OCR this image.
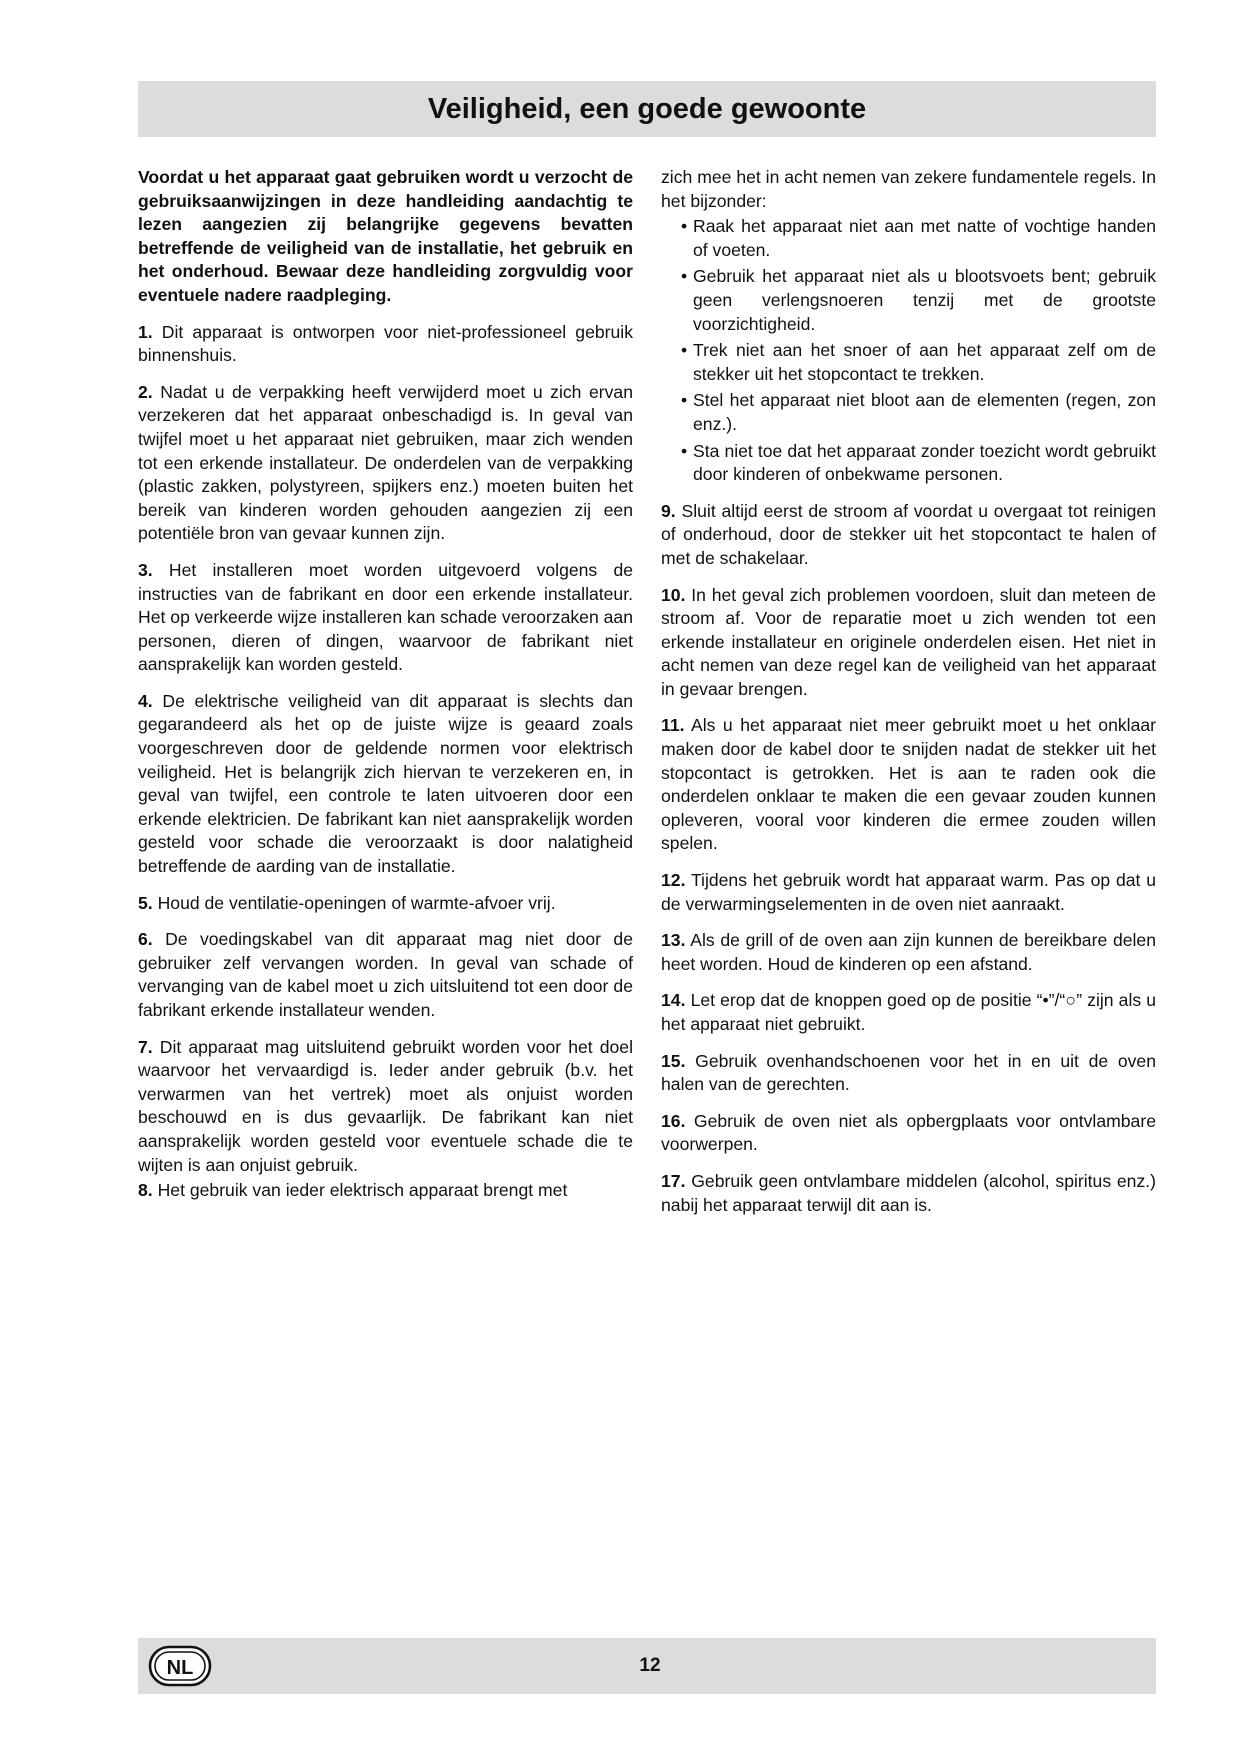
Veiligheid, een goede gewoonte

Voordat u het apparaat gaat gebruiken wordt u verzocht de gebruiksaanwijzingen in deze handleiding aandachtig te lezen aangezien zij belangrijke gegevens bevatten betreffende de veiligheid van de installatie, het gebruik en het onderhoud. Bewaar deze handleiding zorgvuldig voor eventuele nadere raadpleging.

1. Dit apparaat is ontworpen voor niet-professioneel gebruik binnenshuis.

2. Nadat u de verpakking heeft verwijderd moet u zich ervan verzekeren dat het apparaat onbeschadigd is. In geval van twijfel moet u het apparaat niet gebruiken, maar zich wenden tot een erkende installateur. De onderdelen van de verpakking (plastic zakken, polystyreen, spijkers enz.) moeten buiten het bereik van kinderen worden gehouden aangezien zij een potentiële bron van gevaar kunnen zijn.

3. Het installeren moet worden uitgevoerd volgens de instructies van de fabrikant en door een erkende installateur. Het op verkeerde wijze installeren kan schade veroorzaken aan personen, dieren of dingen, waarvoor de fabrikant niet aansprakelijk kan worden gesteld.

4. De elektrische veiligheid van dit apparaat is slechts dan gegarandeerd als het op de juiste wijze is geaard zoals voorgeschreven door de geldende normen voor elektrisch veiligheid. Het is belangrijk zich hiervan te verzekeren en, in geval van twijfel, een controle te laten uitvoeren door een erkende elektricien. De fabrikant kan niet aansprakelijk worden gesteld voor schade die veroorzaakt is door nalatigheid betreffende de aarding van de installatie.

5. Houd de ventilatie-openingen of warmte-afvoer vrij.

6. De voedingskabel van dit apparaat mag niet door de gebruiker zelf vervangen worden. In geval van schade of vervanging van de kabel moet u zich uitsluitend tot een door de fabrikant erkende installateur wenden.

7. Dit apparaat mag uitsluitend gebruikt worden voor het doel waarvoor het vervaardigd is. Ieder ander gebruik (b.v. het verwarmen van het vertrek) moet als onjuist worden beschouwd en is dus gevaarlijk. De fabrikant kan niet aansprakelijk worden gesteld voor eventuele schade die te wijten is aan onjuist gebruik.

8. Het gebruik van ieder elektrisch apparaat brengt met

zich mee het in acht nemen van zekere fundamentele regels. In het bijzonder:

• Raak het apparaat niet aan met natte of vochtige handen of voeten.
• Gebruik het apparaat niet als u blootsvoets bent; gebruik geen verlengsnoeren tenzij met de grootste voorzichtigheid.
• Trek niet aan het snoer of aan het apparaat zelf om de stekker uit het stopcontact te trekken.
• Stel het apparaat niet bloot aan de elementen (regen, zon enz.).
• Sta niet toe dat het apparaat zonder toezicht wordt gebruikt door kinderen of onbekwame personen.

9. Sluit altijd eerst de stroom af voordat u overgaat tot reinigen of onderhoud, door de stekker uit het stopcontact te halen of met de schakelaar.

10. In het geval zich problemen voordoen, sluit dan meteen de stroom af. Voor de reparatie moet u zich wenden tot een erkende installateur en originele onderdelen eisen. Het niet in acht nemen van deze regel kan de veiligheid van het apparaat in gevaar brengen.

11. Als u het apparaat niet meer gebruikt moet u het onklaar maken door de kabel door te snijden nadat de stekker uit het stopcontact is getrokken. Het is aan te raden ook die onderdelen onklaar te maken die een gevaar zouden kunnen opleveren, vooral voor kinderen die ermee zouden willen spelen.

12. Tijdens het gebruik wordt hat apparaat warm. Pas op dat u de verwarmingselementen in de oven niet aanraakt.

13. Als de grill of de oven aan zijn kunnen de bereikbare delen heet worden. Houd de kinderen op een afstand.

14. Let erop dat de knoppen goed op de positie “•”/“○” zijn als u het apparaat niet gebruikt.

15. Gebruik ovenhandschoenen voor het in en uit de oven halen van de gerechten.

16. Gebruik de oven niet als opbergplaats voor ontvlambare voorwerpen.

17. Gebruik geen ontvlambare middelen (alcohol, spiritus enz.) nabij het apparaat terwijl dit aan is.

NL	12
